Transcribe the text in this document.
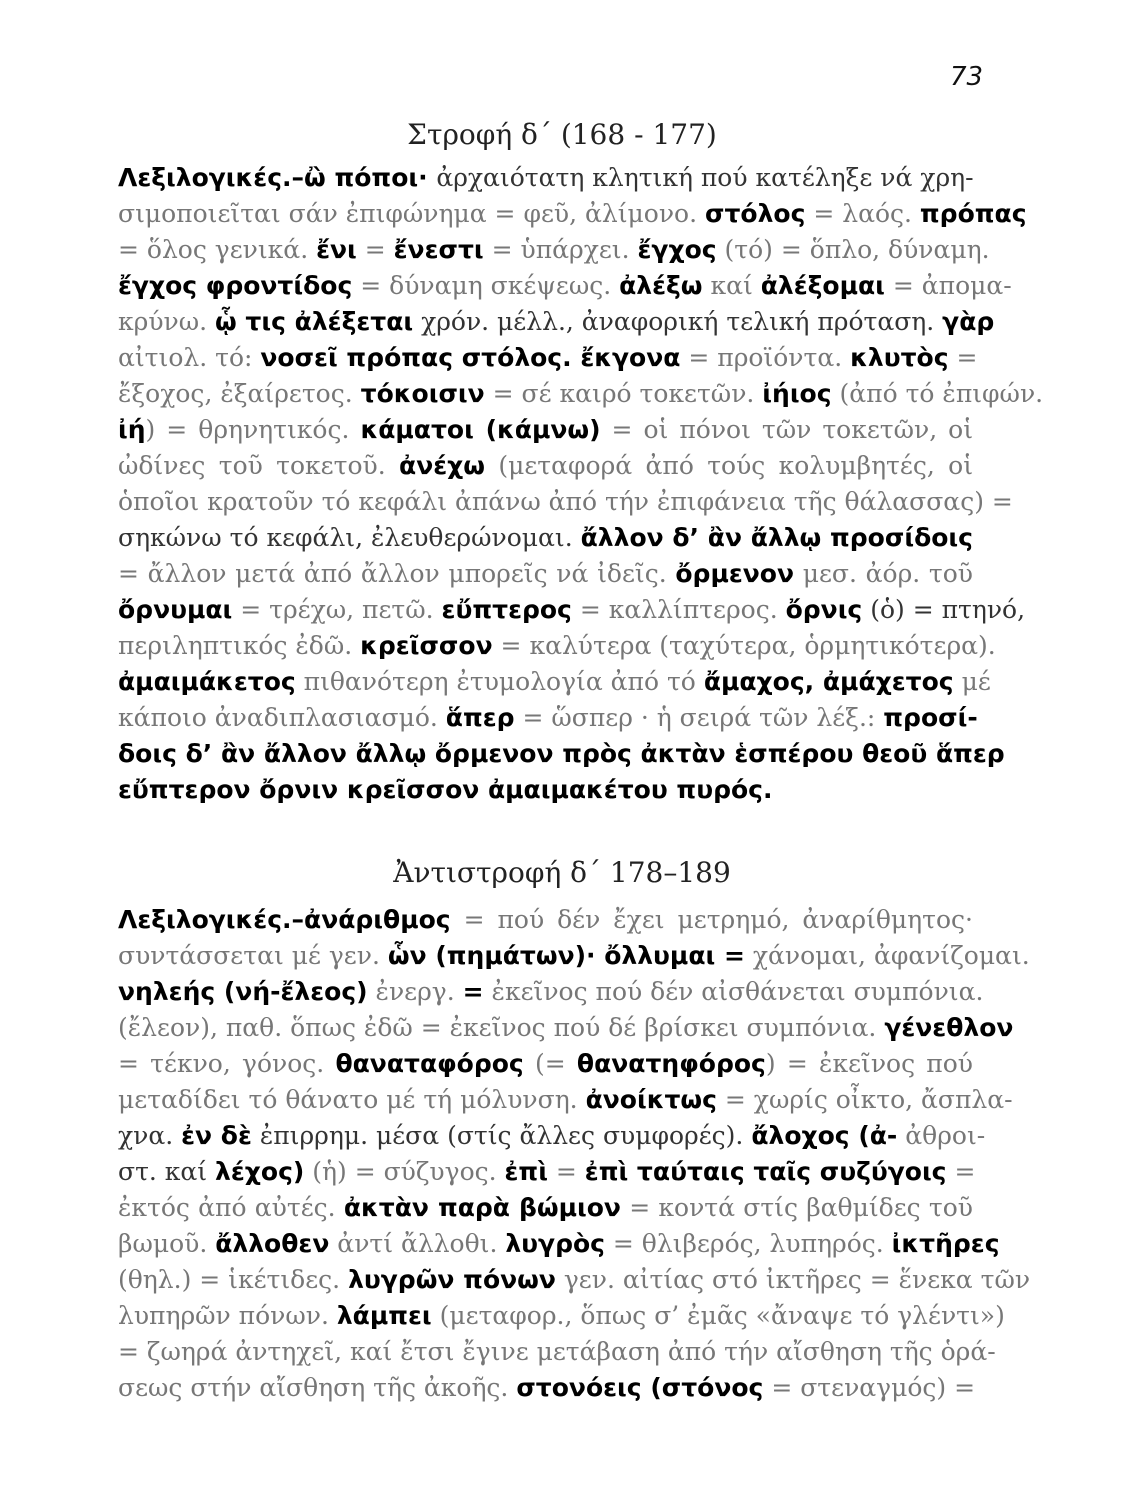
73
Στροφή δ΄ (168 - 177)
Λεξιλογικές.–ὢ πόποι· ἀρχαιότατη κλητική πού κατέληξε νά χρη-
σιμοποιεῖται σάν ἐπιφώνημα = φεῦ, ἀλίμονο. στόλος = λαός. πρόπας
= ὅλος γενικά. ἔνι = ἔνεστι = ὑπάρχει. ἔγχος (τό) = ὅπλο, δύναμη.
ἔγχος φροντίδος = δύναμη σκέψεως. ἀλέξω καί ἀλέξομαι = ἀπομα-
κρύνω. ᾧ τις ἀλέξεται χρόν. μέλλ., ἀναφορική τελική πρόταση. γὰρ
αἰτιολ. τό: νοσεῖ πρόπας στόλος. ἔκγονα = προϊόντα. κλυτὸς =
ἔξοχος, ἐξαίρετος. τόκοισιν = σέ καιρό τοκετῶν. ἰήιος (ἀπό τό ἐπιφών.
ἰή) = θρηνητικός. κάματοι (κάμνω) = οἱ πόνοι τῶν τοκετῶν, οἱ
ὠδίνες τοῦ τοκετοῦ. ἀνέχω (μεταφορά ἀπό τούς κολυμβητές, οἱ
ὁποῖοι κρατοῦν τό κεφάλι ἀπάνω ἀπό τήν ἐπιφάνεια τῆς θάλασσας) =
σηκώνω τό κεφάλι, ἐλευθερώνομαι. ἄλλον δ’ ἂν ἄλλῳ προσίδοις
= ἄλλον μετά ἀπό ἄλλον μπορεῖς νά ἰδεῖς. ὄρμενον μεσ. ἀόρ. τοῦ
ὄρνυμαι = τρέχω, πετῶ. εὔπτερος = καλλίπτερος. ὄρνις (ὁ) = πτηνό,
περιληπτικός ἐδῶ. κρεῖσσον = καλύτερα (ταχύτερα, ὁρμητικότερα).
ἀμαιμάκετος πιθανότερη ἐτυμολογία ἀπό τό ἄμαχος, ἀμάχετος μέ
κάποιο ἀναδιπλασιασμό. ἅπερ = ὥσπερ · ἡ σειρά τῶν λέξ.: προσί-
δοις δ’ ἂν ἄλλον ἄλλῳ ὄρμενον πρὸς ἀκτὰν ἑσπέρου θεοῦ ἅπερ
εὔπτερον ὄρνιν κρεῖσσον ἀμαιμακέτου πυρός.
Ἀντιστροφή δ΄ 178–189
Λεξιλογικές.–ἀνάριθμος = πού δέν ἔχει μετρημό, ἀναρίθμητος·
συντάσσεται μέ γεν. ὧν (πημάτων)· ὄλλυμαι = χάνομαι, ἀφανίζομαι.
νηλεής (νή-ἔλεος) ἐνεργ. = ἐκεῖνος πού δέν αἰσθάνεται συμπόνια.
(ἔλεον), παθ. ὅπως ἐδῶ = ἐκεῖνος πού δέ βρίσκει συμπόνια. γένεθλον
= τέκνο, γόνος. θαναταφόρος (= θανατηφόρος) = ἐκεῖνος πού
μεταδίδει τό θάνατο μέ τή μόλυνση. ἀνοίκτως = χωρίς οἶκτο, ἄσπλα-
χνα. ἐν δὲ ἐπιρρημ. μέσα (στίς ἄλλες συμφορές). ἄλοχος (ἀ- ἀθροι-
στ. καί λέχος) (ἡ) = σύζυγος. ἐπὶ = ἐπὶ ταύταις ταῖς συζύγοις =
ἐκτός ἀπό αὐτές. ἀκτὰν παρὰ βώμιον = κοντά στίς βαθμίδες τοῦ
βωμοῦ. ἄλλοθεν ἀντί ἄλλοθι. λυγρὸς = θλιβερός, λυπηρός. ἰκτῆρες
(θηλ.) = ἱκέτιδες. λυγρῶν πόνων γεν. αἰτίας στό ἰκτῆρες = ἕνεκα τῶν
λυπηρῶν πόνων. λάμπει (μεταφορ., ὅπως σ’ ἐμᾶς «ἄναψε τό γλέντι»)
= ζωηρά ἀντηχεῖ, καί ἔτσι ἔγινε μετάβαση ἀπό τήν αἴσθηση τῆς ὁρά-
σεως στήν αἴσθηση τῆς ἀκοῆς. στονόεις (στόνος = στεναγμός) =
